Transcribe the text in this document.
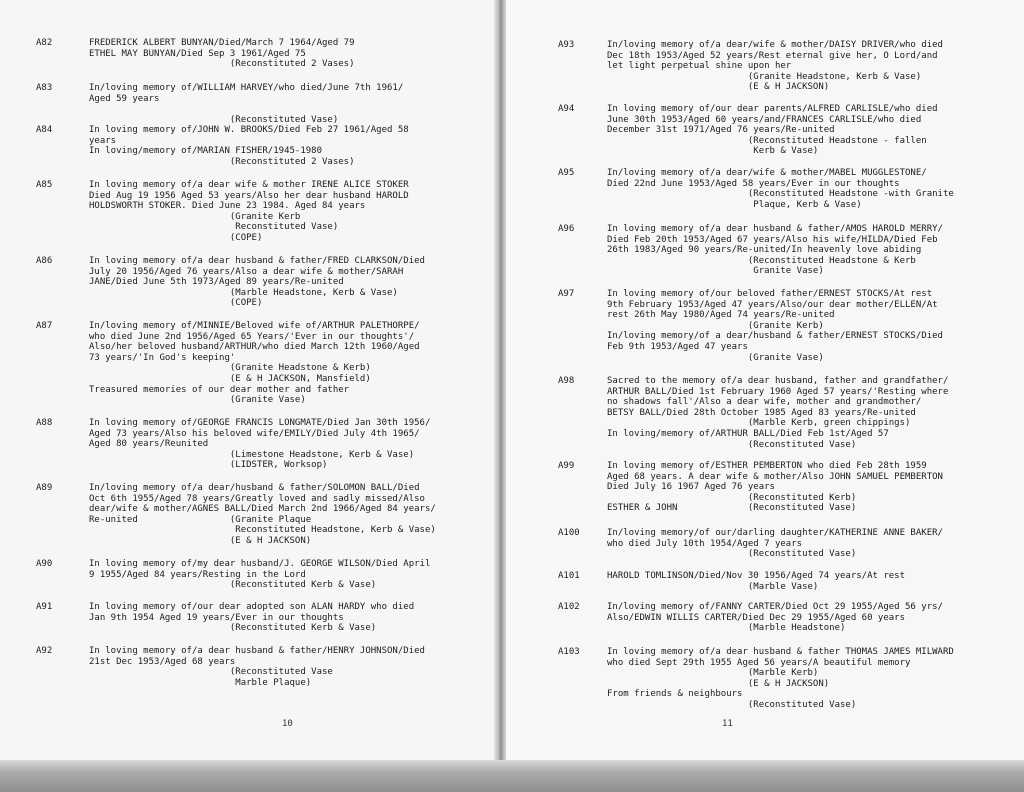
10
A82	FREDERICK ALBERT BUNYAN/Died/March 7 1964/Aged 79
ETHEL MAY BUNYAN/Died Sep 3 1961/Aged 75
(Reconstituted 2 Vases)
A83	In/loving memory of/WILLIAM HARVEY/who died/June 7th 1961/
Aged 59 years
(Reconstituted Vase)
A84	In loving memory of/JOHN W. BROOKS/Died Feb 27 1961/Aged 58
years
In loving/memory of/MARIAN FISHER/1945-1980
(Reconstituted 2 Vases)
A85	In loving memory of/a dear wife & mother IRENE ALICE STOKER
Died Aug 19 1956 Aged 53 years/Also her dear husband HAROLD
HOLDSWORTH STOKER. Died June 23 1984. Aged 84 years
(Granite Kerb
Reconstituted Vase)
(COPE)
A86	In loving memory of/a dear husband & father/FRED CLARKSON/Died
July 20 1956/Aged 76 years/Also a dear wife & mother/SARAH
JANE/Died June 5th 1973/Aged 89 years/Re-united
(Marble Headstone, Kerb & Vase)
(COPE)
A87	In/loving memory of/MINNIE/Beloved wife of/ARTHUR PALETHORPE/
who died June 2nd 1956/Aged 65 Years/'Ever in our thoughts'/
Also/her beloved husband/ARTHUR/who died March 12th 1960/Aged
73 years/'In God's keeping'
(Granite Headstone & Kerb)
(E & H JACKSON, Mansfield)
Treasured memories of our dear mother and father
(Granite Vase)
A88	In loving memory of/GEORGE FRANCIS LONGMATE/Died Jan 30th 1956/
Aged 73 years/Also his beloved wife/EMILY/Died July 4th 1965/
Aged 80 years/Reunited
(Limestone Headstone, Kerb & Vase)
(LIDSTER, Worksop)
A89	In/loving memory of/a dear/husband & father/SOLOMON BALL/Died
Oct 6th 1955/Aged 78 years/Greatly loved and sadly missed/Also
dear/wife & mother/AGNES BALL/Died March 2nd 1966/Aged 84 years/
Re-united                 (Granite Plaque
Reconstituted Headstone, Kerb & Vase)
(E & H JACKSON)
A90	In loving memory of/my dear husband/J. GEORGE WILSON/Died April
9 1955/Aged 84 years/Resting in the Lord
(Reconstituted Kerb & Vase)
A91	In loving memory of/our dear adopted son ALAN HARDY who died
Jan 9th 1954 Aged 19 years/Ever in our thoughts
(Reconstituted Kerb & Vase)
A92	In loving memory of/a dear husband & father/HENRY JOHNSON/Died
21st Dec 1953/Aged 68 years
(Reconstituted Vase
Marble Plaque)
11
A93	In/loving memory of/a dear/wife & mother/DAISY DRIVER/who died
Dec 18th 1953/Aged 52 years/Rest eternal give her, O Lord/and
let light perpetual shine upon her
(Granite Headstone, Kerb & Vase)
(E & H JACKSON)
A94	In loving memory of/our dear parents/ALFRED CARLISLE/who died
June 30th 1953/Aged 60 years/and/FRANCES CARLISLE/who died
December 31st 1971/Aged 76 years/Re-united
(Reconstituted Headstone - fallen
Kerb & Vase)
A95	In/loving memory of/a dear/wife & mother/MABEL MUGGLESTONE/
Died 22nd June 1953/Aged 58 years/Ever in our thoughts
(Reconstituted Headstone -with Granite
Plaque, Kerb & Vase)
A96	In loving memory of/a dear husband & father/AMOS HAROLD MERRY/
Died Feb 20th 1953/Aged 67 years/Also his wife/HILDA/Died Feb
26th 1983/Aged 90 years/Re-united/In heavenly love abiding
(Reconstituted Headstone & Kerb
Granite Vase)
A97	In loving memory of/our beloved father/ERNEST STOCKS/At rest
9th February 1953/Aged 47 years/Also/our dear mother/ELLEN/At
rest 26th May 1980/Aged 74 years/Re-united
(Granite Kerb)
In/loving memory/of a dear/husband & father/ERNEST STOCKS/Died
Feb 9th 1953/Aged 47 years
(Granite Vase)
A98	Sacred to the memory of/a dear husband, father and grandfather/
ARTHUR BALL/Died 1st February 1960 Aged 57 years/'Resting where
no shadows fall'/Also a dear wife, mother and grandmother/
BETSY BALL/Died 28th October 1985 Aged 83 years/Re-united
(Marble Kerb, green chippings)
In loving/memory of/ARTHUR BALL/Died Feb 1st/Aged 57
(Reconstituted Vase)
A99	In loving memory of/ESTHER PEMBERTON who died Feb 28th 1959
Aged 68 years. A dear wife & mother/Also JOHN SAMUEL PEMBERTON
Died July 16 1967 Aged 76 years
(Reconstituted Kerb)
ESTHER & JOHN             (Reconstituted Vase)
A100	In/loving memory/of our/darling daughter/KATHERINE ANNE BAKER/
who died July 10th 1954/Aged 7 years
(Reconstituted Vase)
A101	HAROLD TOMLINSON/Died/Nov 30 1956/Aged 74 years/At rest
(Marble Vase)
A102	In/loving memory of/FANNY CARTER/Died Oct 29 1955/Aged 56 yrs/
Also/EDWIN WILLIS CARTER/Died Dec 29 1955/Aged 60 years
(Marble Headstone)
A103	In loving memory of/a dear husband & father THOMAS JAMES MILWARD
who died Sept 29th 1955 Aged 56 years/A beautiful memory
(Marble Kerb)
(E & H JACKSON)
From friends & neighbours
(Reconstituted Vase)
